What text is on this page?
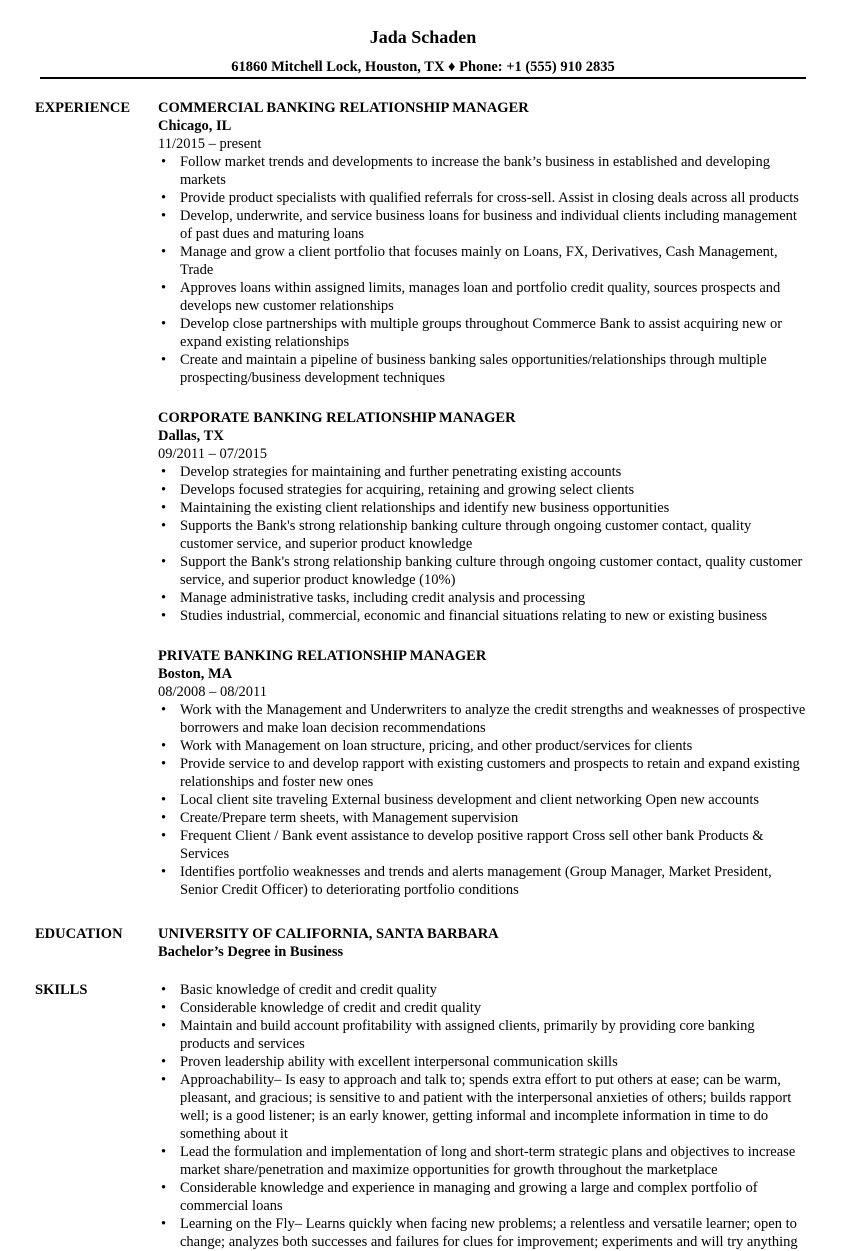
Jada Schaden
61860 Mitchell Lock, Houston, TX ♦ Phone: +1 (555) 910 2835
EXPERIENCE COMMERCIAL BANKING RELATIONSHIP MANAGER
Chicago, IL
11/2015 – present
• Follow market trends and developments to increase the bank’s business in established and developing markets
• Provide product specialists with qualified referrals for cross-sell. Assist in closing deals across all products
• Develop, underwrite, and service business loans for business and individual clients including management of past dues and maturing loans
• Manage and grow a client portfolio that focuses mainly on Loans, FX, Derivatives, Cash Management, Trade
• Approves loans within assigned limits, manages loan and portfolio credit quality, sources prospects and develops new customer relationships
• Develop close partnerships with multiple groups throughout Commerce Bank to assist acquiring new or expand existing relationships
• Create and maintain a pipeline of business banking sales opportunities/relationships through multiple prospecting/business development techniques
CORPORATE BANKING RELATIONSHIP MANAGER
Dallas, TX
09/2011 – 07/2015
• Develop strategies for maintaining and further penetrating existing accounts
• Develops focused strategies for acquiring, retaining and growing select clients
• Maintaining the existing client relationships and identify new business opportunities
• Supports the Bank's strong relationship banking culture through ongoing customer contact, quality customer service, and superior product knowledge
• Support the Bank's strong relationship banking culture through ongoing customer contact, quality customer service, and superior product knowledge (10%)
• Manage administrative tasks, including credit analysis and processing
• Studies industrial, commercial, economic and financial situations relating to new or existing business
PRIVATE BANKING RELATIONSHIP MANAGER
Boston, MA
08/2008 – 08/2011
• Work with the Management and Underwriters to analyze the credit strengths and weaknesses of prospective borrowers and make loan decision recommendations
• Work with Management on loan structure, pricing, and other product/services for clients
• Provide service to and develop rapport with existing customers and prospects to retain and expand existing relationships and foster new ones
• Local client site traveling External business development and client networking Open new accounts
• Create/Prepare term sheets, with Management supervision
• Frequent Client / Bank event assistance to develop positive rapport Cross sell other bank Products & Services
• Identifies portfolio weaknesses and trends and alerts management (Group Manager, Market President, Senior Credit Officer) to deteriorating portfolio conditions
EDUCATION UNIVERSITY OF CALIFORNIA, SANTA BARBARA
Bachelor’s Degree in Business
SKILLS
•	Basic knowledge of credit and credit quality
• Considerable knowledge of credit and credit quality
• Maintain and build account profitability with assigned clients, primarily by providing core banking products and services
• Proven leadership ability with excellent interpersonal communication skills
• Approachability– Is easy to approach and talk to; spends extra effort to put others at ease; can be warm, pleasant, and gracious; is sensitive to and patient with the interpersonal anxieties of others; builds rapport well; is a good listener; is an early knower, getting informal and incomplete information in time to do something about it
• Lead the formulation and implementation of long and short-term strategic plans and objectives to increase market share/penetration and maximize opportunities for growth throughout the marketplace
• Considerable knowledge and experience in managing and growing a large and complex portfolio of commercial loans
• Learning on the Fly– Learns quickly when facing new problems; a relentless and versatile learner; open to change; analyzes both successes and failures for clues for improvement; experiments and will try anything
